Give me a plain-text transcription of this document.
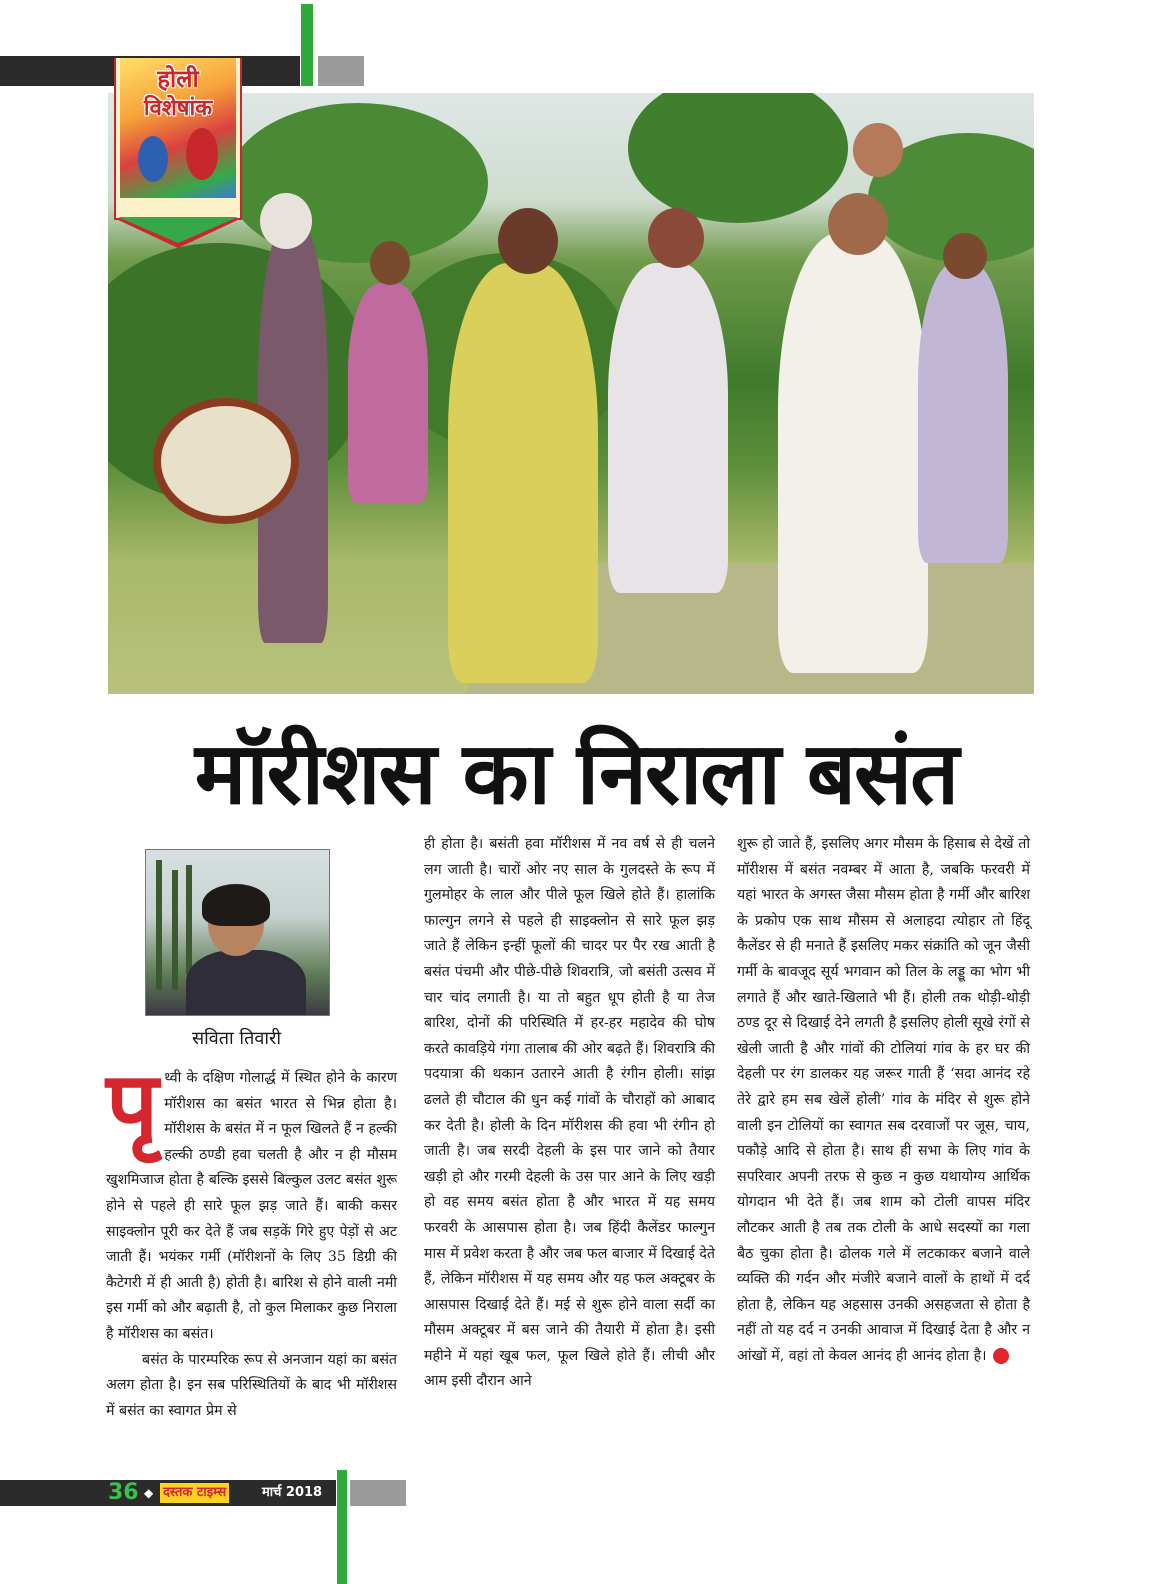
होली
विशेषांक
मॉरीशस का निराला बसंत
सविता तिवारी

पृथ्वी के दक्षिण गोलार्द्ध में स्थित होने के कारण मॉरीशस का बसंत भारत से भिन्न होता है। मॉरीशस के बसंत में न फूल खिलते हैं न हल्की हल्की ठण्डी हवा चलती है और न ही मौसम खुशमिजाज होता है बल्कि इससे बिल्कुल उलट बसंत शुरू होने से पहले ही सारे फूल झड़ जाते हैं। बाकी कसर साइक्लोन पूरी कर देते हैं जब सड़कें गिरे हुए पेड़ों से अट जाती हैं। भयंकर गर्मी (मॉरीशनों के लिए 35 डिग्री की कैटेगरी में ही आती है) होती है। बारिश से होने वाली नमी इस गर्मी को और बढ़ाती है, तो कुल मिलाकर कुछ निराला है मॉरीशस का बसंत।

बसंत के पारम्परिक रूप से अनजान यहां का बसंत अलग होता है। इन सब परिस्थितियों के बाद भी मॉरीशस में बसंत का स्वागत प्रेम से

ही होता है। बसंती हवा मॉरीशस में नव वर्ष से ही चलने लग जाती है। चारों ओर नए साल के गुलदस्ते के रूप में गुलमोहर के लाल और पीले फूल खिले होते हैं। हालांकि फाल्गुन लगने से पहले ही साइक्लोन से सारे फूल झड़ जाते हैं लेकिन इन्हीं फूलों की चादर पर पैर रख आती है बसंत पंचमी और पीछे-पीछे शिवरात्रि, जो बसंती उत्सव में चार चांद लगाती है। या तो बहुत धूप होती है या तेज बारिश, दोनों की परिस्थिति में हर-हर महादेव की घोष करते कावड़िये गंगा तालाब की ओर बढ़ते हैं। शिवरात्रि की पदयात्रा की थकान उतारने आती है रंगीन होली। सांझ ढलते ही चौटाल की धुन कई गांवों के चौराहों को आबाद कर देती है। होली के दिन मॉरीशस की हवा भी रंगीन हो जाती है। जब सरदी देहली के इस पार जाने को तैयार खड़ी हो और गरमी देहली के उस पार आने के लिए खड़ी हो वह समय बसंत होता है और भारत में यह समय फरवरी के आसपास होता है। जब हिंदी कैलेंडर फाल्गुन मास में प्रवेश करता है और जब फल बाजार में दिखाई देते हैं, लेकिन मॉरीशस में यह समय और यह फल अक्टूबर के आसपास दिखाई देते हैं। मई से शुरू होने वाला सर्दी का मौसम अक्टूबर में बस जाने की तैयारी में होता है। इसी महीने में यहां खूब फल, फूल खिले होते हैं। लीची और आम इसी दौरान आने

शुरू हो जाते हैं, इसलिए अगर मौसम के हिसाब से देखें तो मॉरीशस में बसंत नवम्बर में आता है, जबकि फरवरी में यहां भारत के अगस्त जैसा मौसम होता है गर्मी और बारिश के प्रकोप एक साथ मौसम से अलाहदा त्योहार तो हिंदू कैलेंडर से ही मनाते हैं इसलिए मकर संक्रांति को जून जैसी गर्मी के बावजूद सूर्य भगवान को तिल के लड्डू का भोग भी लगाते हैं और खाते-खिलाते भी हैं। होली तक थोड़ी-थोड़ी ठण्ड दूर से दिखाई देने लगती है इसलिए होली सूखे रंगों से खेली जाती है और गांवों की टोलियां गांव के हर घर की देहली पर रंग डालकर यह जरूर गाती हैं ‘सदा आनंद रहे तेरे द्वारे हम सब खेलें होली’ गांव के मंदिर से शुरू होने वाली इन टोलियों का स्वागत सब दरवाजों पर जूस, चाय, पकौड़े आदि से होता है। साथ ही सभा के लिए गांव के सपरिवार अपनी तरफ से कुछ न कुछ यथायोग्य आर्थिक योगदान भी देते हैं। जब शाम को टोली वापस मंदिर लौटकर आती है तब तक टोली के आधे सदस्यों का गला बैठ चुका होता है। ढोलक गले में लटकाकर बजाने वाले व्यक्ति की गर्दन और मंजीरे बजाने वालों के हाथों में दर्द होता है, लेकिन यह अहसास उनकी असहजता से होता है नहीं तो यह दर्द न उनकी आवाज में दिखाई देता है और न आंखों में, वहां तो केवल आनंद ही आनंद होता है।

36 ◆ दस्तक टाइम्स	मार्च 2018
